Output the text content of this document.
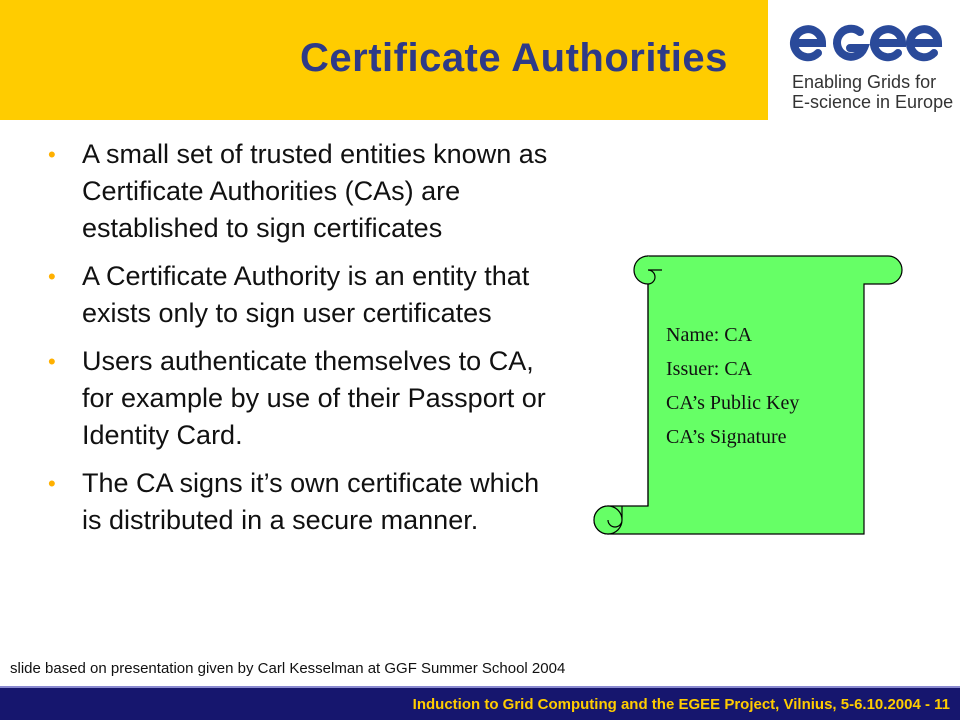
Certificate Authorities
Enabling Grids for
E-science in Europe
• A small set of trusted entities known as Certificate Authorities (CAs) are established to sign certificates
• A Certificate Authority is an entity that exists only to sign user certificates
• Users authenticate themselves to CA, for example by use of their Passport or Identity Card.
• The CA signs it’s own certificate which is distributed in a secure manner.
Name: CA
Issuer: CA
CA’s Public Key
CA’s Signature
slide based on presentation given by Carl Kesselman at GGF Summer School 2004
Induction to Grid Computing and the EGEE Project, Vilnius, 5-6.10.2004 - 11
